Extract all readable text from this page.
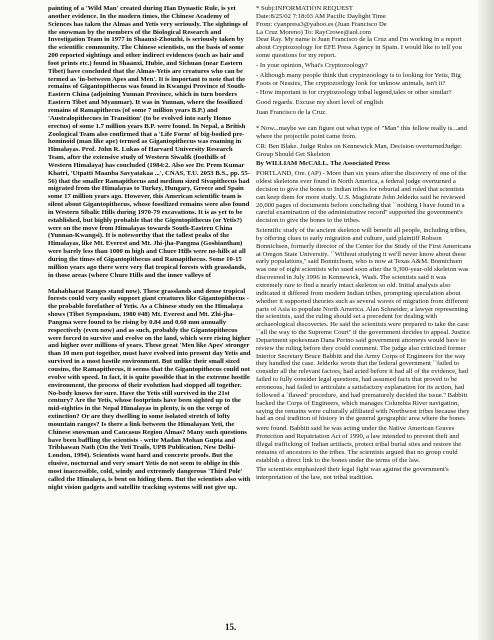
painting of a 'Wild Man' created during Han Dynastic Rule, is yet another evidence. In the modern times, the Chinese Academy of Sciences has taken the Almas and Yetis very seriously. The sightings of the snowman by the members of the Biological Research and Investigation Team in 1977 in Shaanxi-Zhouzhi, is seriously taken by the scientific community. The Chinese scientists, on the basis of some 200 reported sightings and other indirect evidences (such as hair and foot prints etc.) found in Shaanxi, Hubie, and Sichuan (near Eastern Tibet) have concluded that the Almas-Yetis are creatures who can be termed as 'in-between Apes and Men'. It is important to note that the remains of Gigantopithecus was found in Kwangsi Province of South-Eastern China (adjoining Yunnan Province, which in turn borders Eastern Tibet and Myanmar). It was in Yunnan, where the fossilized remains of Ramapithecus (of some 7 million years B.P.) and 'Australopithecues in Transition' (to be evolved into early Homo erectus) of some 1.7 million years B.P. were found. In Nepal, a British Zoological Team also confirmed that a 'Life Form' of big-bodied pre-hominoid (man like ape) termed as Gigantopithecus was roaming in Himalayas. Prof. John R. Lukas of Harvard University Research Team, after the extensive study of Western Siwalik (foothills of Western Himalaya) has concluded (1984:2. Also see Dr. Prem Kumar Khatri, 'Utpatti Maanba Savyatakaa ...', CNAS, T.U. 2053 B.S., pp. 55-56) that the smaller Ramapithecus and medium sized Sivapithecus had migrated from the Himalayas to Turkey, Hungary, Greece and Spain some 17 million years ago. However, this American scientific team is silent about Gigantopithecus, whose fossilized remains were also found in Western Sibalic Hills during 1970-79 excavations. It is as yet to be established, but highly probable that the Gigentopithecus (or Yetis?) were on the move from Himalayas towards South-Eastern China (Yunnan-Kwangsi). It is noteworthy that the tallest peaks of the Himalayas, like Mt. Everest and Mt. Jhi-jha-Pangma (Goshianthan) were barely less than 1000 m high and Chure Hills were no-hills at all during the times of Gigantopithecus and Ramapithecus. Some 10-15 million years ago there were very flat tropical forests with grasslands, in those areas (where Chure Hills and the inner valleys of

Mahabharat Ranges stand now). These grasslands and dense tropical forests could very easily support giant creatures like Gigantopithecus - the probable forefather of Yetis. As a Chinese study on the Himalaya shows (Tibet Symposium, 1980 #48) Mt. Everest and Mt. Zhi-jha-Pangma were found to be rising by 0.84 and 0.60 mm annually respectively (even now) and as such, probably the Gigantopithecus were forced to survive and evolve on the land, which were rising higher and higher over millions of years. These great 'Men like Apes' stronger than 10 men put together, must have evolved into present day Yetis and survived in a most hostile environment. But unlike their small sized cousins, the Ramapithecus, it seems that the Gigantopithecus could not evolve with speed. In fact, it is quite possible that in the extreme hostile environment, the process of their evolution had stopped all together. No-body knows for sure. Have the Yetis still survived in the 21st century? Are the Yetis, whose footprints have been sighted up to the mid-eighties in the Nepal Himalayas in plenty, is on the verge of extinction? Or are they dwelling in some isolated stretch of lofty mountain ranges? Is there a link between the Himalayan Yeti, the Chinese snowman and Caucasus Region Almas? Many such questions have been baffling the scientists - write Madan Mohan Gupta and Tribhawan Nath (On the Yeti Trails, UPB Publication, New Delhi-London, 1994). Scientists want hard and concrete proofs. But the elusive, nocturnal and very smart Yetis do not seem to oblige in this most inaccessible, cold, windy and extremely dangerous 'Third Pole' called the Himalaya, is bent on hiding them. But the scientists also with night vision gadgets and satellite tracking systems will not give up.

* Subj:INFORMATION REQUEST

Date:8/25/02 7:18:03 AM Pacific Daylight Time

From: cyanpress3@yahoo.es (Juan Francisco De

La Cruz Moreno) To: RayCrowe@aol.com

Dear Ray. My name is Juan Francisco de la Cruz and I'm working in a report about Cryptozoology for EFE Press Agency in Spain. I would like to tell you some questions for my report.

- In your opinion, What's Cryptozoology?

- Although many people think that cryptozoology is to looking for Yetis, Big Foots or Nessies, The cryptozoology look for unknow animals, isn't it?

- How important is for cryptozoology tribal legend,tales or other similar?

Good regards. Excuse my short level of english

Juan Francisco de la Cruz.

* Now...maybe we can figure out what type of "Man" this fellow really is...and where the projectile point came from.

CR: Ben Blake. Judge Rules on Kennewick Man, Decision overturnedJudge: Group Should Get Skeleton

By WILLIAM McCALL. The Associated Press

PORTLAND, Ore. (AP) - More than six years after the discovery of one of the oldest skeletons ever found in North America, a federal judge overturned a decision to give the bones to Indian tribes for reburial and ruled that scientists can keep them for more study. U.S. Magistrate John Jelderks said he reviewed 20,000 pages of documents before concluding that ``nothing I have found in a careful examination of the administrative record'' supported the government's decision to give the bones to the tribes.

Scientific study of the ancient skeleton will benefit all people, including tribes, by offering clues to early migration and culture, said plaintiff Robson Bonnichsen, formerly director of the Center for the Study of the First Americans at Oregon State University. ``Without studying it we'll never know about these early populations,'' said Bonnichsen, who is now at Texas A&M. Bonnichsen was one of eight scientists who sued soon after the 9,300-year-old skeleton was discovered in July 1996 in Kennewick, Wash. The scientists said it was extremely rare to find a nearly intact skeleton so old. Initial analysis also indicated it differed from modern Indian tribes, prompting speculation about whether it supported theories such as several waves of migration from different parts of Asia to populate North America. Alan Schneider, a lawyer representing the scientists, said the ruling should set a precedent for dealing with archaeological discoveries. He said the scientists were prepared to take the case ``all the way to the Supreme Court'' if the government decides to appeal. Justice Department spokesman Dana Perino said government attorneys would have to review the ruling before they could comment. The judge also criticized former Interior Secretary Bruce Babbitt and the Army Corps of Engineers for the way they handled the case. Jelderks wrote that the federal government ``failed to consider all the relevant factors, had acted before it had all of the evidence, had failed to fully consider legal questions, had assumed facts that proved to be erroneous, had failed to articulate a satisfactory explanation for its action, had followed a `flawed' procedure, and had prematurely decided the issue.'' Babbitt backed the Corps of Engineers, which manages Columbia River navigation, saying the remains were culturally affiliated with Northwest tribes because they had an oral tradition of history in the general geographic area where the bones

were found. Babbitt said he was acting under the Native American Graves Protection and Repatriation Act of 1990, a law intended to prevent theft and illegal trafficking of Indian artifacts, protect tribal burial sites and restore the remains of ancestors to the tribes. The scientists argued that no group could establish a direct link to the bones under the terms of the law.

The scientists emphasized their legal fight was against the government's interpretation of the law, not tribal tradition.

15.
